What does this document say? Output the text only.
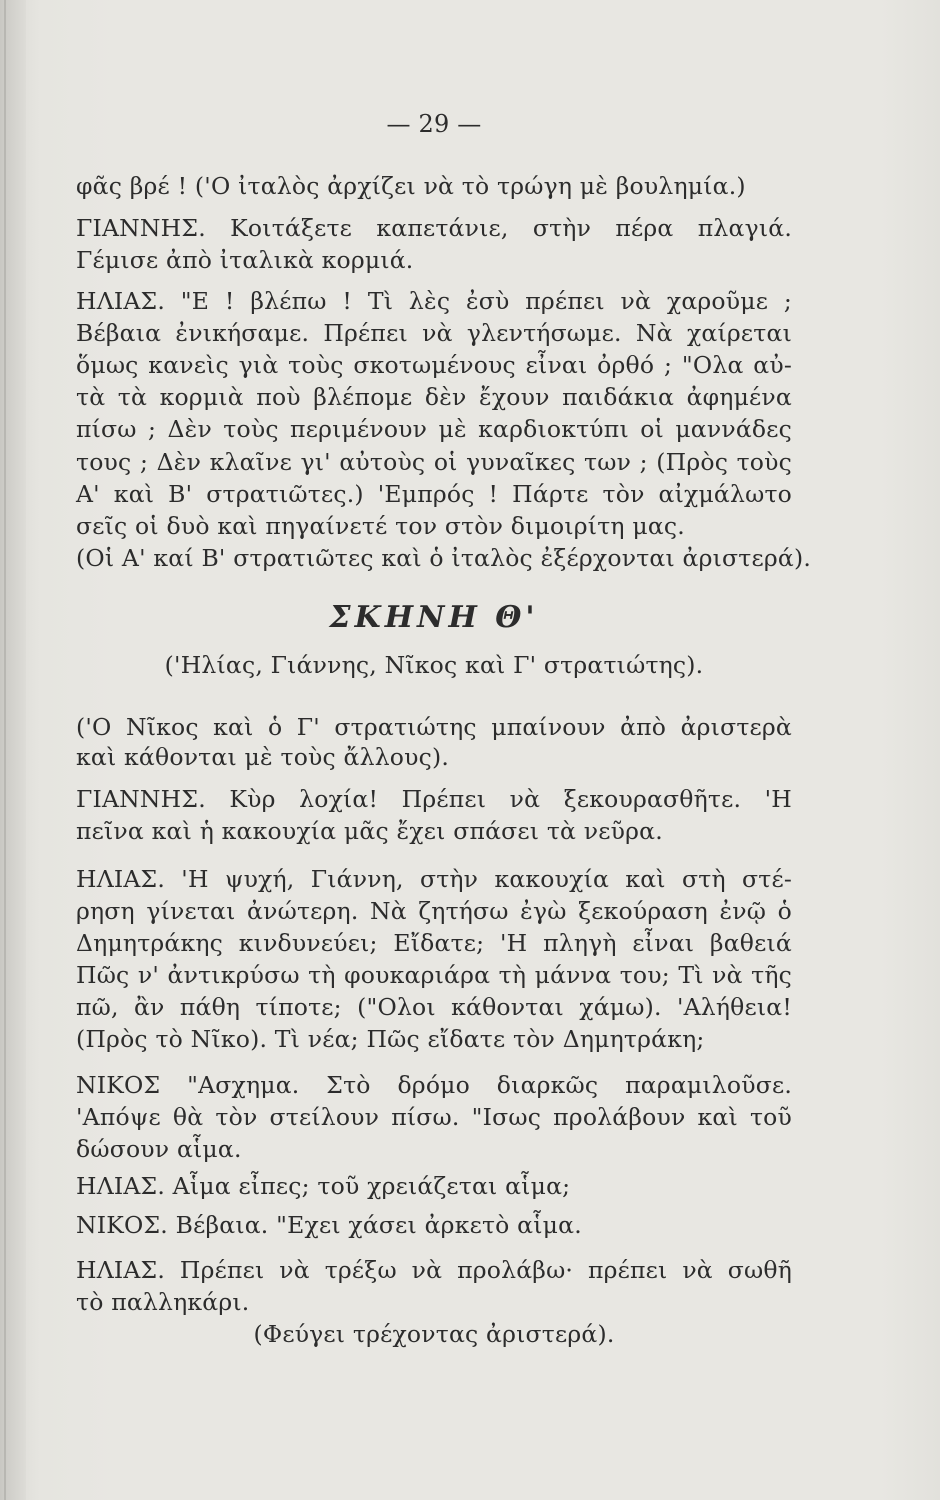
— 29 —
φᾶς βρέ ! ('Ο ἰταλὸς ἀρχίζει νὰ τὸ τρώγη μὲ βουλημία.)
ΓΙΑΝΝΗΣ. Κοιτάξετε καπετάνιε, στὴν πέρα πλαγιά.
Γέμισε ἀπὸ ἰταλικὰ κορμιά.
ΗΛΙΑΣ. "Ε ! βλέπω ! Τὶ λὲς ἐσὺ πρέπει νὰ χαροῦμε ;
Βέβαια ἐνικήσαμε. Πρέπει νὰ γλεντήσωμε. Νὰ χαίρεται
ὅμως κανεὶς γιὰ τοὺς σκοτωμένους εἶναι ὀρθό ; "Ολα αὐ-
τὰ τὰ κορμιὰ ποὺ βλέπομε δὲν ἔχουν παιδάκια ἀφημένα
πίσω ; Δὲν τοὺς περιμένουν μὲ καρδιοκτύπι οἱ μαννάδες
τους ; Δὲν κλαῖνε γι' αὐτοὺς οἱ γυναῖκες των ; (Πρὸς τοὺς
Α' καὶ Β' στρατιῶτες.) 'Εμπρός ! Πάρτε τὸν αἰχμάλωτο
σεῖς οἱ δυὸ καὶ πηγαίνετέ τον στὸν διμοιρίτη μας.
(Οἱ Α' καί Β' στρατιῶτες καὶ ὁ ἰταλὸς ἐξέρχονται ἀριστερά).
ΣΚΗΝΗ Θ'
('Ηλίας, Γιάννης, Νῖκος καὶ Γ' στρατιώτης).
('Ο Νῖκος καὶ ὁ Γ' στρατιώτης μπαίνουν ἀπὸ ἀριστερὰ
καὶ κάθονται μὲ τοὺς ἄλλους).
ΓΙΑΝΝΗΣ. Κὺρ λοχία! Πρέπει νὰ ξεκουρασθῆτε. 'Η
πεῖνα καὶ ἡ κακουχία μᾶς ἔχει σπάσει τὰ νεῦρα.
ΗΛΙΑΣ. 'Η ψυχή, Γιάννη, στὴν κακουχία καὶ στὴ στέ-
ρηση γίνεται ἀνώτερη. Νὰ ζητήσω ἐγὼ ξεκούραση ἐνῷ ὁ
Δημητράκης κινδυνεύει; Εἴδατε; 'Η πληγὴ εἶναι βαθειά
Πῶς ν' ἀντικρύσω τὴ φουκαριάρα τὴ μάννα του; Τὶ νὰ τῆς
πῶ, ἂν πάθη τίποτε; ("Ολοι κάθονται χάμω). 'Αλήθεια!
(Πρὸς τὸ Νῖκο). Τὶ νέα; Πῶς εἴδατε τὸν Δημητράκη;
ΝΙΚΟΣ "Ασχημα. Στὸ δρόμο διαρκῶς παραμιλοῦσε.
'Απόψε θὰ τὸν στείλουν πίσω. "Ισως προλάβουν καὶ τοῦ
δώσουν αἷμα.
ΗΛΙΑΣ. Αἷμα εἶπες; τοῦ χρειάζεται αἷμα;
ΝΙΚΟΣ. Βέβαια. "Εχει χάσει ἀρκετὸ αἷμα.
ΗΛΙΑΣ. Πρέπει νὰ τρέξω νὰ προλάβω· πρέπει νὰ σωθῆ
τὸ παλληκάρι.
(Φεύγει τρέχοντας ἀριστερά).
